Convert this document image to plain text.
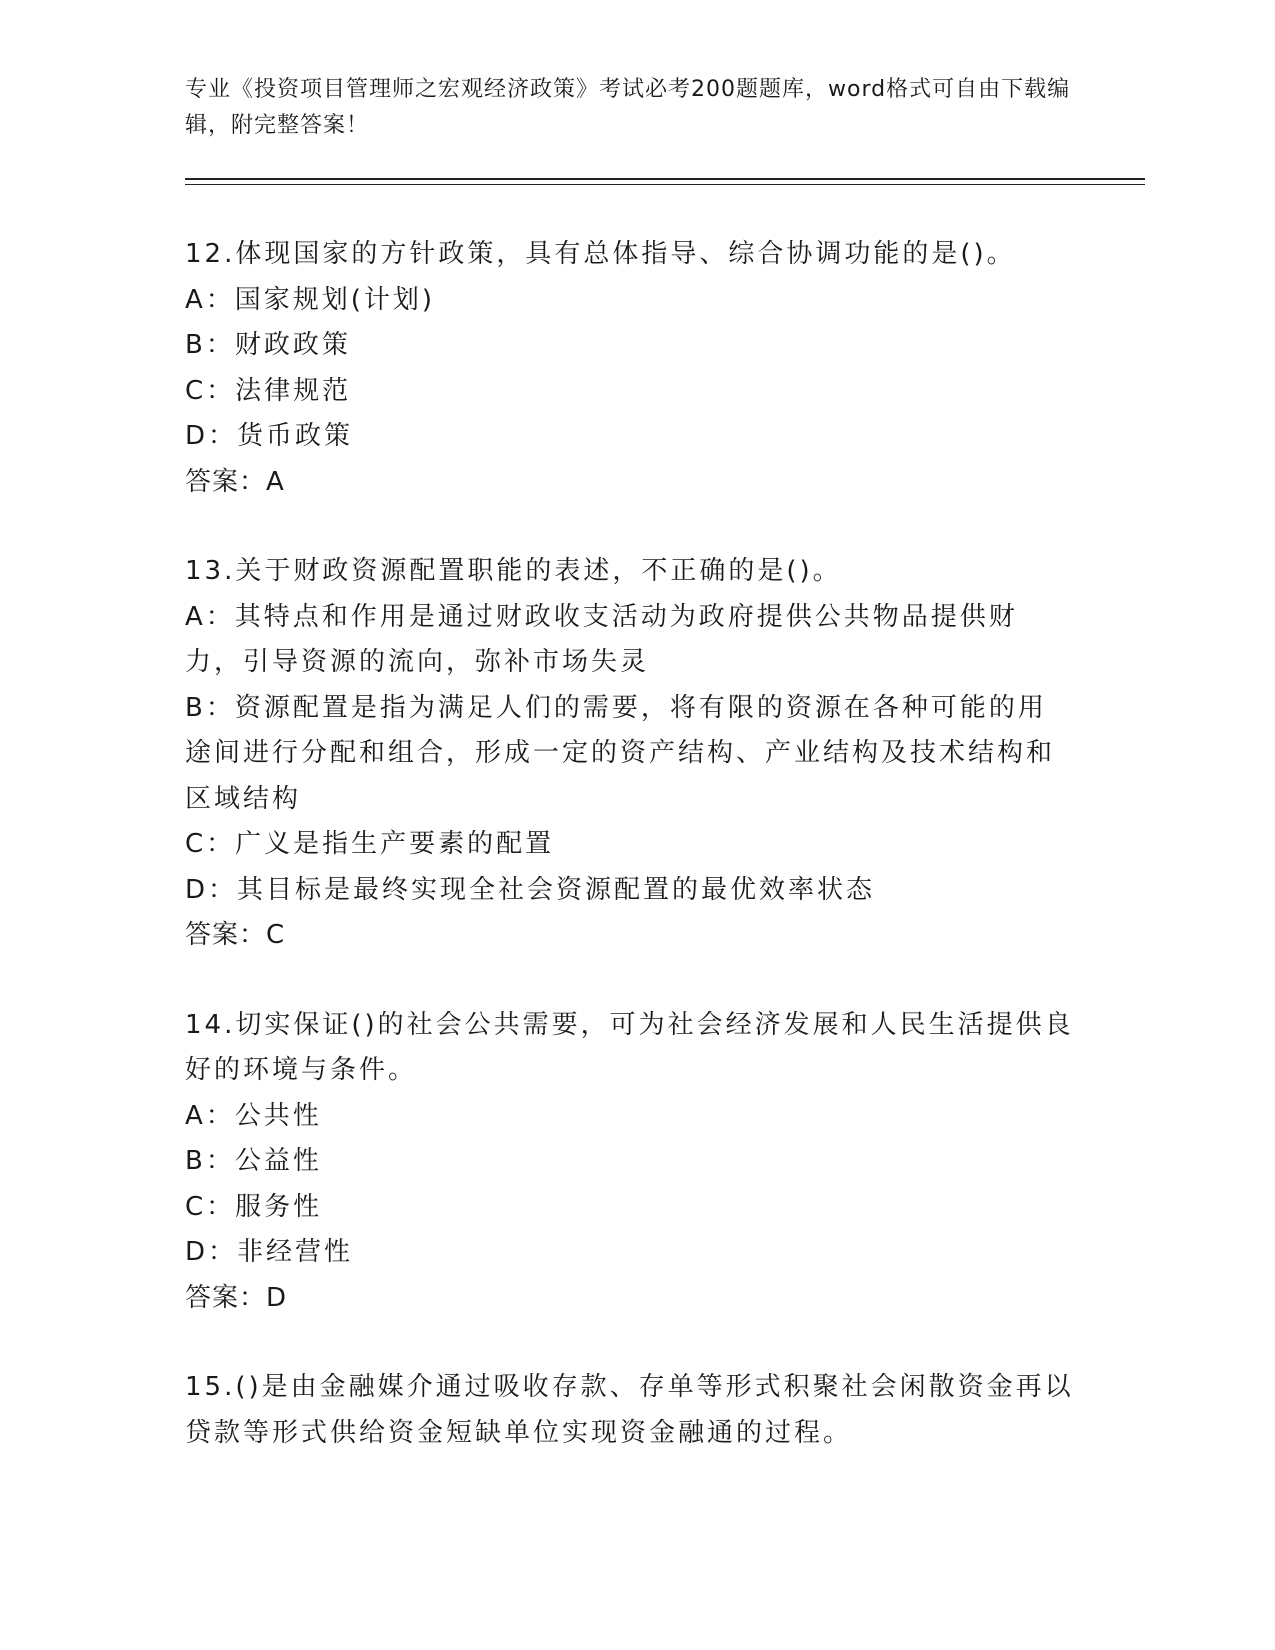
专业《投资项目管理师之宏观经济政策》考试必考200题题库，word格式可自由下载编辑，附完整答案！
12.体现国家的方针政策，具有总体指导、综合协调功能的是()。
A：国家规划(计划)
B：财政政策
C：法律规范
D：货币政策
答案：A
13.关于财政资源配置职能的表述，不正确的是()。
A：其特点和作用是通过财政收支活动为政府提供公共物品提供财力，引导资源的流向，弥补市场失灵
B：资源配置是指为满足人们的需要，将有限的资源在各种可能的用途间进行分配和组合，形成一定的资产结构、产业结构及技术结构和区域结构
C：广义是指生产要素的配置
D：其目标是最终实现全社会资源配置的最优效率状态
答案：C
14.切实保证()的社会公共需要，可为社会经济发展和人民生活提供良好的环境与条件。
A：公共性
B：公益性
C：服务性
D：非经营性
答案：D
15.()是由金融媒介通过吸收存款、存单等形式积聚社会闲散资金再以贷款等形式供给资金短缺单位实现资金融通的过程。
